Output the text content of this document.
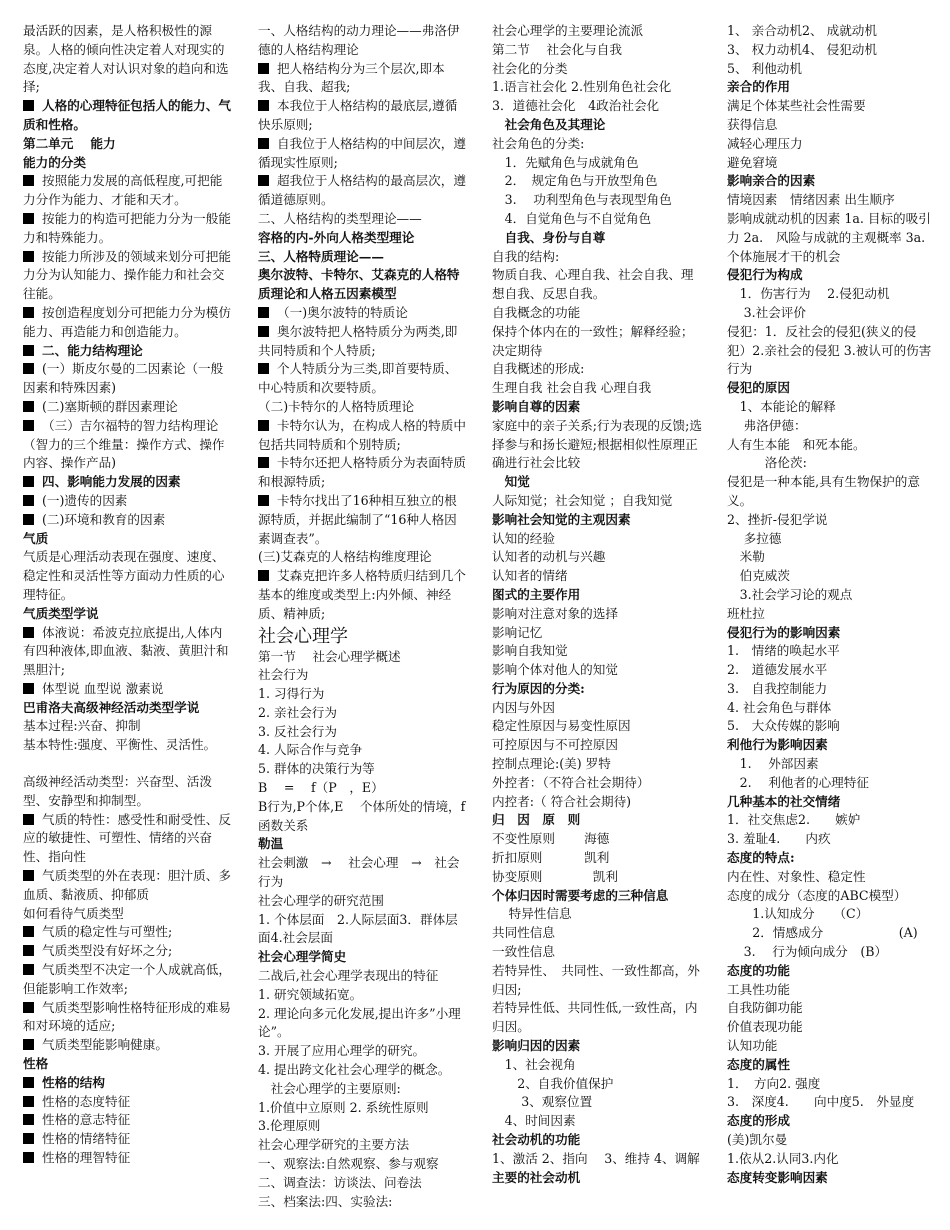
最活跃的因素，是人格积极性的源泉。人格的倾向性决定着人对现实的态度,决定着人对认识对象的趋向和选择;
人格的心理特征包括人的能力、气质和性格。
第二单元　 能力
能力的分类
按照能力发展的高低程度,可把能力分作为能力、才能和天才。
按能力的构造可把能力分为一般能力和特殊能力。
按能力所涉及的领域来划分可把能力分为认知能力、操作能力和社会交往能。
按创造程度划分可把能力分为模仿能力、再造能力和创造能力。
二、能力结构理论
(一）斯皮尔曼的二因素论（一般因素和特殊因素)
(二)塞斯顿的群因素理论
（三）吉尔福特的智力结构理论（智力的三个维量：操作方式、操作内容、操作产品)
四、影响能力发展的因素
(一)遗传的因素
(二)环境和教育的因素
气质
气质是心理活动表现在强度、速度、稳定性和灵活性等方面动力性质的心理特征。
气质类型学说
体液说：希波克拉底提出,人体内有四种液体,即血液、黏液、黄胆汁和黑胆汁;
体型说 血型说 激素说
巴甫洛夫高级神经活动类型学说
基本过程:兴奋、抑制
基本特性:强度、平衡性、灵活性。
高级神经活动类型：兴奋型、活泼型、安静型和抑制型。
气质的特性：感受性和耐受性、反应的敏捷性、可塑性、情绪的兴奋性、指向性
气质类型的外在表现：胆汁质、多血质、黏液质、抑郁质
如何看待气质类型
气质的稳定性与可塑性;
气质类型没有好坏之分;
气质类型不决定一个人成就高低，但能影响工作效率;
气质类型影响性格特征形成的难易和对环境的适应;
气质类型能影响健康。
性格
性格的结构
性格的态度特征
性格的意志特征
性格的情绪特征
性格的理智特征
一、人格结构的动力理论——弗洛伊德的人格结构理论
把人格结构分为三个层次,即本我、自我、超我;
本我位于人格结构的最底层,遵循快乐原则;
自我位于人格结构的中间层次，遵循现实性原则;
超我位于人格结构的最高层次，遵循道德原则。
二、人格结构的类型理论——
容格的内-外向人格类型理论
三、人格特质理论——
奥尔波特、卡特尔、艾森克的人格特质理论和人格五因素模型
（一)奥尔波特的特质论
奥尔波特把人格特质分为两类,即共同特质和个人特质;
个人特质分为三类,即首要特质、中心特质和次要特质。
（二)卡特尔的人格特质理论
卡特尔认为，在构成人格的特质中包括共同特质和个别特质;
卡特尔还把人格特质分为表面特质和根源特质;
卡特尔找出了16种相互独立的根源特质，并据此编制了“16种人格因素调查表”。
(三)艾森克的人格结构维度理论
艾森克把许多人格特质归结到几个基本的维度或类型上:内外倾、神经质、精神质;
社会心理学
第一节　 社会心理学概述
社会行为
1. 习得行为
2. 亲社会行为
3. 反社会行为
4. 人际合作与竞争
5. 群体的决策行为等
B　 =　 f（P　，E）
B行为,P个体,E　 个体所处的情境，f　函数关系
勒温
社会刺激　→　 社会心理　→　社会行为
社会心理学的研究范围
1. 个体层面　2.人际层面3．群体层面4.社会层面
社会心理学简史
二战后,社会心理学表现出的特征
1. 研究领域拓宽。
2. 理论向多元化发展,提出许多”小理论”。
3. 开展了应用心理学的研究。
4. 提出跨文化社会心理学的概念。
　社会心理学的主要原则:
1.价值中立原则 2. 系统性原则
3.伦理原则
社会心理学研究的主要方法
一、观察法:自然观察、参与观察
二、调查法：访谈法、问卷法
三、档案法:四、实验法:
社会心理学的主要理论流派
第二节　 社会化与自我
社会化的分类
1.语言社会化 2.性别角色社会化
3．道德社会化　4政治社会化
　社会角色及其理论
社会角色的分类:
　1．先赋角色与成就角色
　2．　规定角色与开放型角色
　3.　 功利型角色与表现型角色
　4．自觉角色与不自觉角色
　自我、身份与自尊
自我的结构:
物质自我、心理自我、社会自我、理想自我、反思自我。
自我概念的功能
保持个体内在的一致性；解释经验；决定期待
自我概述的形成:
生理自我 社会自我 心理自我
影响自尊的因素
家庭中的亲子关系;行为表现的反馈;选择参与和扬长避短;根据相似性原理正确进行社会比较
　知觉
人际知觉；社会知觉 ；自我知觉
影响社会知觉的主观因素
认知的经验
认知者的动机与兴趣
认知者的情绪
图式的主要作用
影响对注意对象的选择
影响记忆
影响自我知觉
影响个体对他人的知觉
行为原因的分类:
内因与外因
稳定性原因与易变性原因
可控原因与不可控原因
控制点理论:(美) 罗特
外控者：（不符合社会期待）
内控者:（ 符合社会期待)
归　因　原　则
不变性原则　　 海德
折扣原则　　　 凯利
协变原则　　　　凯利
个体归因时需要考虑的三种信息
　 特异性信息
共同性信息
一致性信息
若特异性、　共同性、一致性都高，外归因;
若特异性低、共同性低,一致性高，内归因。
影响归因的因素
　1、社会视角
　　2、自我价值保护
　　 3、观察位置
　4、时间因素
社会动机的功能
1、激活 2、指向　 3、维持 4、调解
主要的社会动机
1、 亲合动机2、 成就动机
3、 权力动机4、 侵犯动机
5、 利他动机
亲合的作用
满足个体某些社会性需要
获得信息
减轻心理压力
避免窘境
影响亲合的因素
情境因素　情绪因素 出生顺序
影响成就动机的因素 1a. 目标的吸引力 2a.　风险与成就的主观概率 3a.　个体施展才干的机会
侵犯行为构成
　1．伤害行为　 2.侵犯动机
　 3.社会评价
侵犯：1．反社会的侵犯(狭义的侵犯）2.亲社会的侵犯 3.被认可的伤害行为
侵犯的原因
　1、本能论的解释
　 弗洛伊德：
人有生本能　和死本能。
　　　洛伦茨:
侵犯是一种本能,具有生物保护的意义。
2、挫折-侵犯学说
　 多拉德
　米勒
　伯克威茨
　3.社会学习论的观点
班杜拉
侵犯行为的影响因素
1.　情绪的唤起水平
2.　道德发展水平
3.　自我控制能力
4. 社会角色与群体
5.　大众传媒的影响
利他行为影响因素
　1.　 外部因素
　2.　 利他者的心理特征
几种基本的社交情绪
1．社交焦虑2.　　嫉妒
3. 羞耻4.　　内疚
态度的特点:
内在性、对象性、稳定性
态度的成分（态度的ABC模型）
　　1.认知成分　　（C）
　　2．情感成分　　　　　　(A)
　 3.　 行为倾向成分　(B）
态度的功能
工具性功能
自我防御功能
价值表现功能
认知功能
态度的属性
1．　方向2. 强度
3.　深度4.　　向中度5.　外显度
态度的形成
(美)凯尔曼
1.依从2.认同3.内化
态度转变影响因素
